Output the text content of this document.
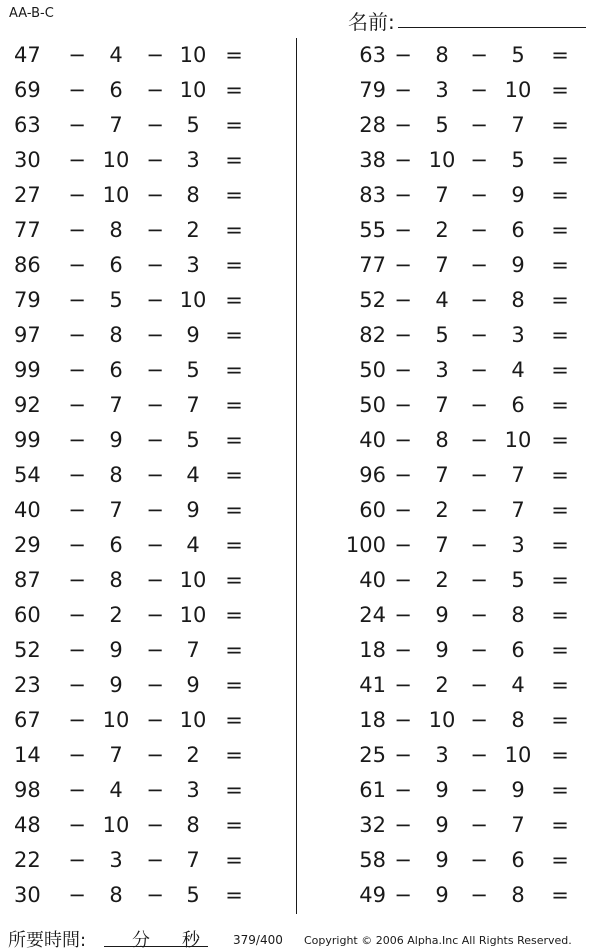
AA-B-C	名前:
47	−	4	− 10 =
69	−	6	− 10 =
63	−	7	−	5	=
30	− 10 −	3	=
27	− 10 −	8	=
77	−	8	−	2	=
86	−	6	−	3	=
79	−	5	− 10 =
97	−	8	−	9	=
99	−	6	−	5	=
92	−	7	−	7	=
99	−	9	−	5	=
54	−	8	−	4	=
40	−	7	−	9	=
29	−	6	−	4	=
87	−	8	− 10 =
60	−	2	− 10 =
52	−	9	−	7	=
23	−	9	−	9	=
67	− 10 − 10 =
14	−	7	−	2	=
98	−	4	−	3	=
48	− 10 −	8	=
22	−	3	−	7	=
30	−	8	−	5	=
63 −	8	−	5	=
79 −	3	− 10 =
28 −	5	−	7	=
38 − 10 −	5	=
83 −	7	−	9	=
55 −	2	−	6	=
77 −	7	−	9	=
52 −	4	−	8	=
82 −	5	−	3	=
50 −	3	−	4	=
50 −	7	−	6	=
40 −	8	− 10 =
96 −	7	−	7	=
60 −	2	−	7	=
100 −	7	−	3	=
40 −	2	−	5	=
24 −	9	−	8	=
18 −	9	−	6	=
41 −	2	−	4	=
18 − 10 −	8	=
25 −	3	− 10 =
61 −	9	−	9	=
32 −	9	−	7	=
58 −	9	−	6	=
49 −	9	−	8	=
所要時間:	分 秒	379/400 Copyright © 2006 Alpha.Inc All Rights Reserved.
